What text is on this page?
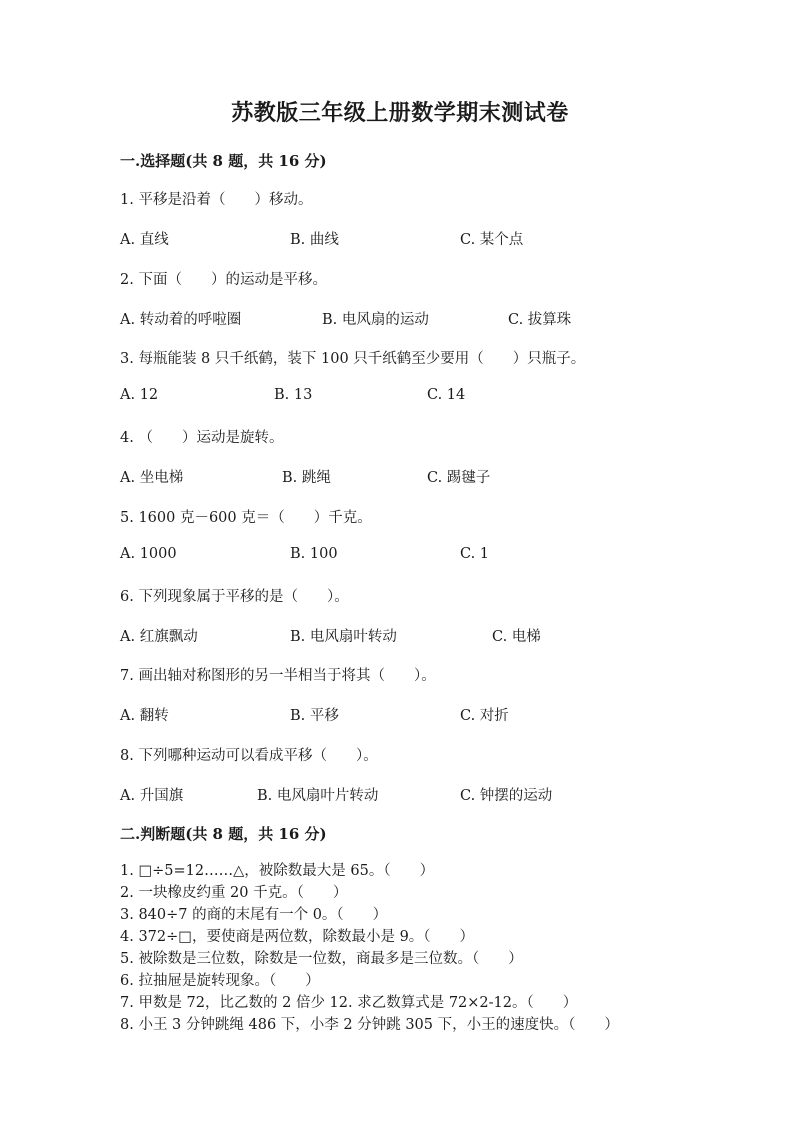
苏教版三年级上册数学期末测试卷
一.选择题(共 8 题，共 16 分)
1. 平移是沿着（　　）移动。
A. 直线	B. 曲线	C. 某个点
2. 下面（　　）的运动是平移。
A. 转动着的呼啦圈	B. 电风扇的运动	C. 拔算珠
3. 每瓶能装 8 只千纸鹤，装下 100 只千纸鹤至少要用（　　）只瓶子。
A. 12	B. 13	C. 14
4. （　　）运动是旋转。
A. 坐电梯	B. 跳绳	C. 踢毽子
5. 1600 克－600 克＝（　　）千克。
A. 1000	B. 100	C. 1
6. 下列现象属于平移的是（　　）。
A. 红旗飘动	B. 电风扇叶转动	C. 电梯
7. 画出轴对称图形的另一半相当于将其（　　）。
A. 翻转	B. 平移	C. 对折
8. 下列哪种运动可以看成平移（　　）。
A. 升国旗	B. 电风扇叶片转动	C. 钟摆的运动
二.判断题(共 8 题，共 16 分)
1. □÷5=12……△，被除数最大是 65。（　　）
2. 一块橡皮约重 20 千克。（　　）
3. 840÷7 的商的末尾有一个 0。（　　）
4. 372÷□，要使商是两位数，除数最小是 9。（　　）
5. 被除数是三位数，除数是一位数，商最多是三位数。（　　）
6. 拉抽屉是旋转现象。（　　）
7. 甲数是 72，比乙数的 2 倍少 12. 求乙数算式是 72×2-12。（　　）
8. 小王 3 分钟跳绳 486 下，小李 2 分钟跳 305 下，小王的速度快。（　　）
